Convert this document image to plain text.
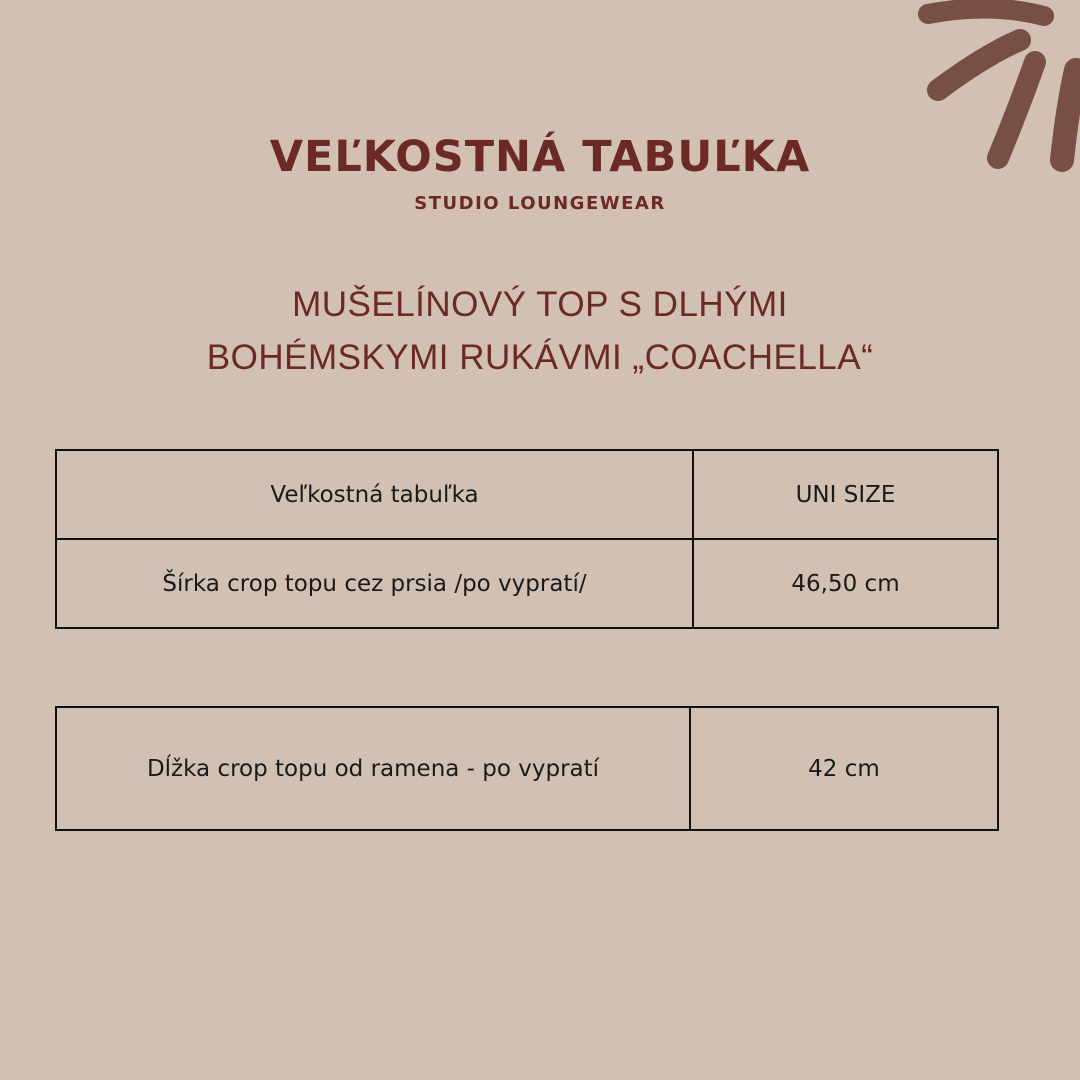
VEĽKOSTNÁ TABUĽKA
STUDIO LOUNGEWEAR
MUŠELÍNOVÝ TOP S DLHÝMI
BOHÉMSKYMI RUKÁVMI „COACHELLA“
Veľkostná tabuľka	UNI SIZE
Šírka crop topu cez prsia /po vypratí/	46,50 cm
Dĺžka crop topu od ramena - po vypratí	42 cm
